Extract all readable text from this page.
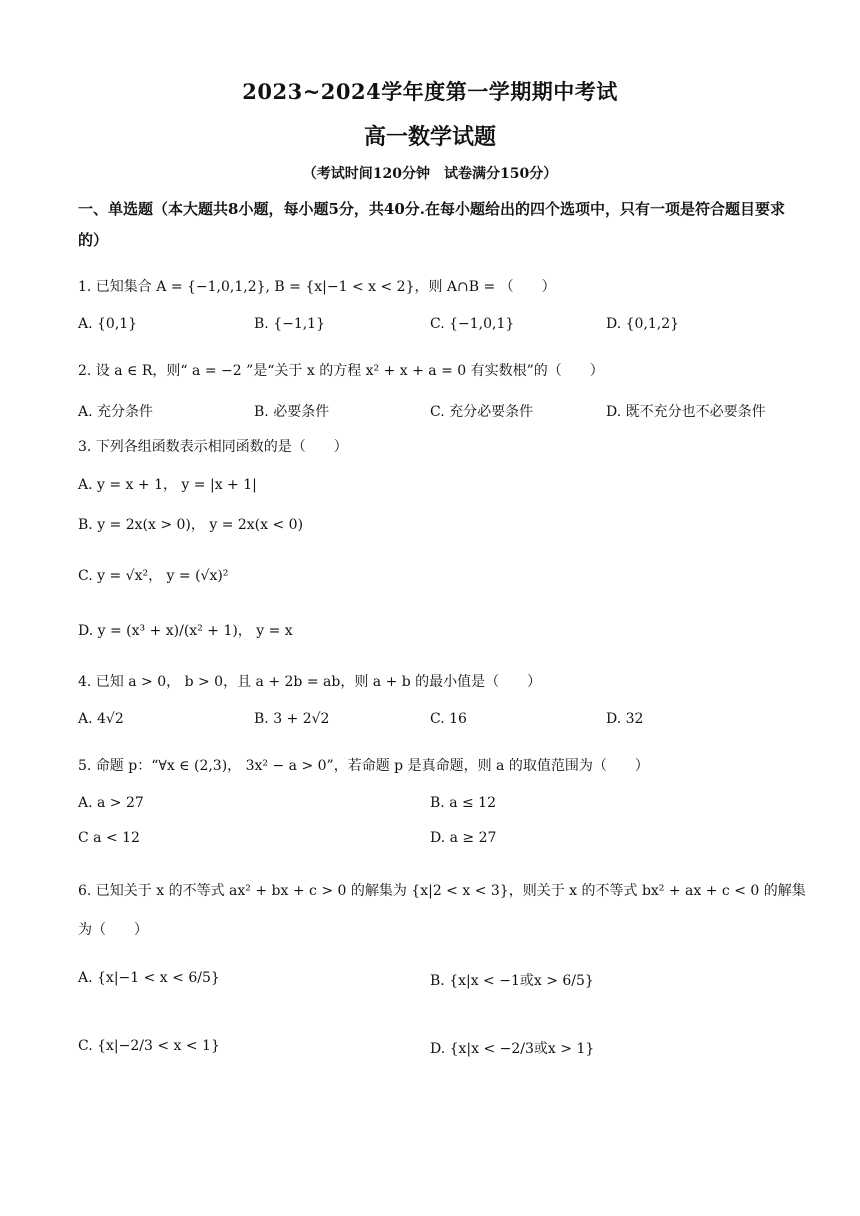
2023~2024学年度第一学期期中考试
高一数学试题
（考试时间120分钟　试卷满分150分）
一、单选题（本大题共8小题，每小题5分，共40分.在每小题给出的四个选项中，只有一项是符合题目要求的）
1. 已知集合 A = {−1,0,1,2}, B = {x|−1 < x < 2}，则 A∩B = （　　）
A. {0,1}	B. {−1,1}	C. {−1,0,1}	D. {0,1,2}
2. 设 a ∈ R，则“ a = −2 ”是“关于 x 的方程 x² + x + a = 0 有实数根”的（　　）
A. 充分条件	B. 必要条件	C. 充分必要条件	D. 既不充分也不必要条件
3. 下列各组函数表示相同函数的是（　　）
A. y = x + 1， y = |x + 1|
B. y = 2x(x > 0)， y = 2x(x < 0)
C. y = √x²， y = (√x)²
D. y = (x³ + x)/(x² + 1)， y = x
4. 已知 a > 0， b > 0，且 a + 2b = ab，则 a + b 的最小值是（　　）
A. 4√2	B. 3 + 2√2	C. 16	D. 32
5. 命题 p：“∀x ∈ (2,3)， 3x² − a > 0”，若命题 p 是真命题，则 a 的取值范围为（　　）
A. a > 27	B. a ≤ 12
C a < 12	D. a ≥ 27
6. 已知关于 x 的不等式 ax² + bx + c > 0 的解集为 {x|2 < x < 3}，则关于 x 的不等式 bx² + ax + c < 0 的解集
为（　　）
A. {x|−1 < x < 6/5}	B. {x|x < −1或x > 6/5}
C. {x|−2/3 < x < 1}	D. {x|x < −2/3或x > 1}
